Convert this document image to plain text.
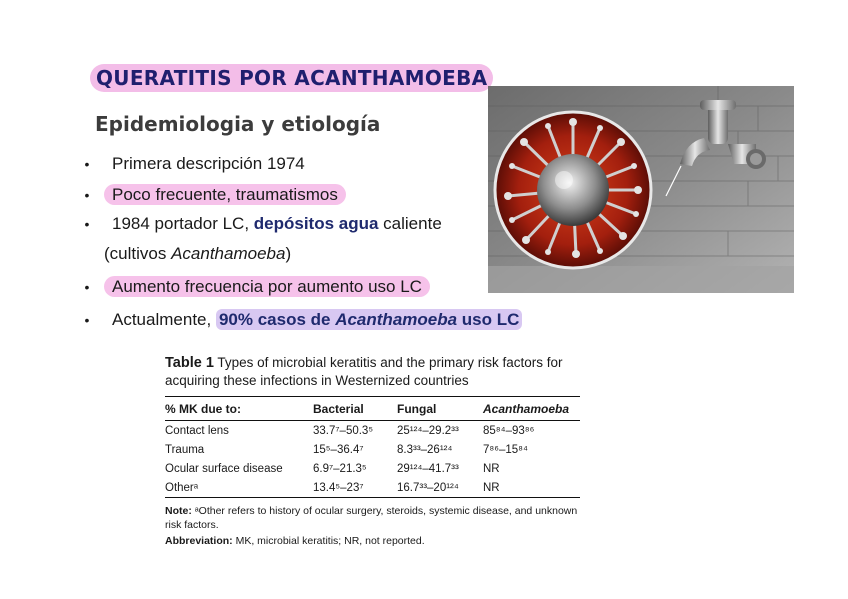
QUERATITIS POR ACANTHAMOEBA
Epidemiologia y etiología
• Primera descripción 1974
• Poco frecuente, traumatismos
• 1984 portador LC, depósitos agua caliente
(cultivos Acanthamoeba)
• Aumento frecuencia por aumento uso LC
• Actualmente, 90% casos de Acanthamoeba uso LC
Table 1 Types of microbial keratitis and the primary risk factors for acquiring these infections in Westernized countries
% MK due to:	Bacterial	Fungal	Acanthamoeba

Contact lens	33.7⁷–50.3⁵	25¹²⁴–29.2³³	85⁸⁴–93⁸⁶
Trauma	15⁵–36.4⁷	8.3³³–26¹²⁴	7⁸⁶–15⁸⁴
Ocular surface disease	6.9⁷–21.3⁵	29¹²⁴–41.7³³	NR
Otherᵃ	13.4⁵–23⁷	16.7³³–20¹²⁴	NR
Note: ᵃOther refers to history of ocular surgery, steroids, systemic disease, and unknown risk factors.
Abbreviation: MK, microbial keratitis; NR, not reported.
